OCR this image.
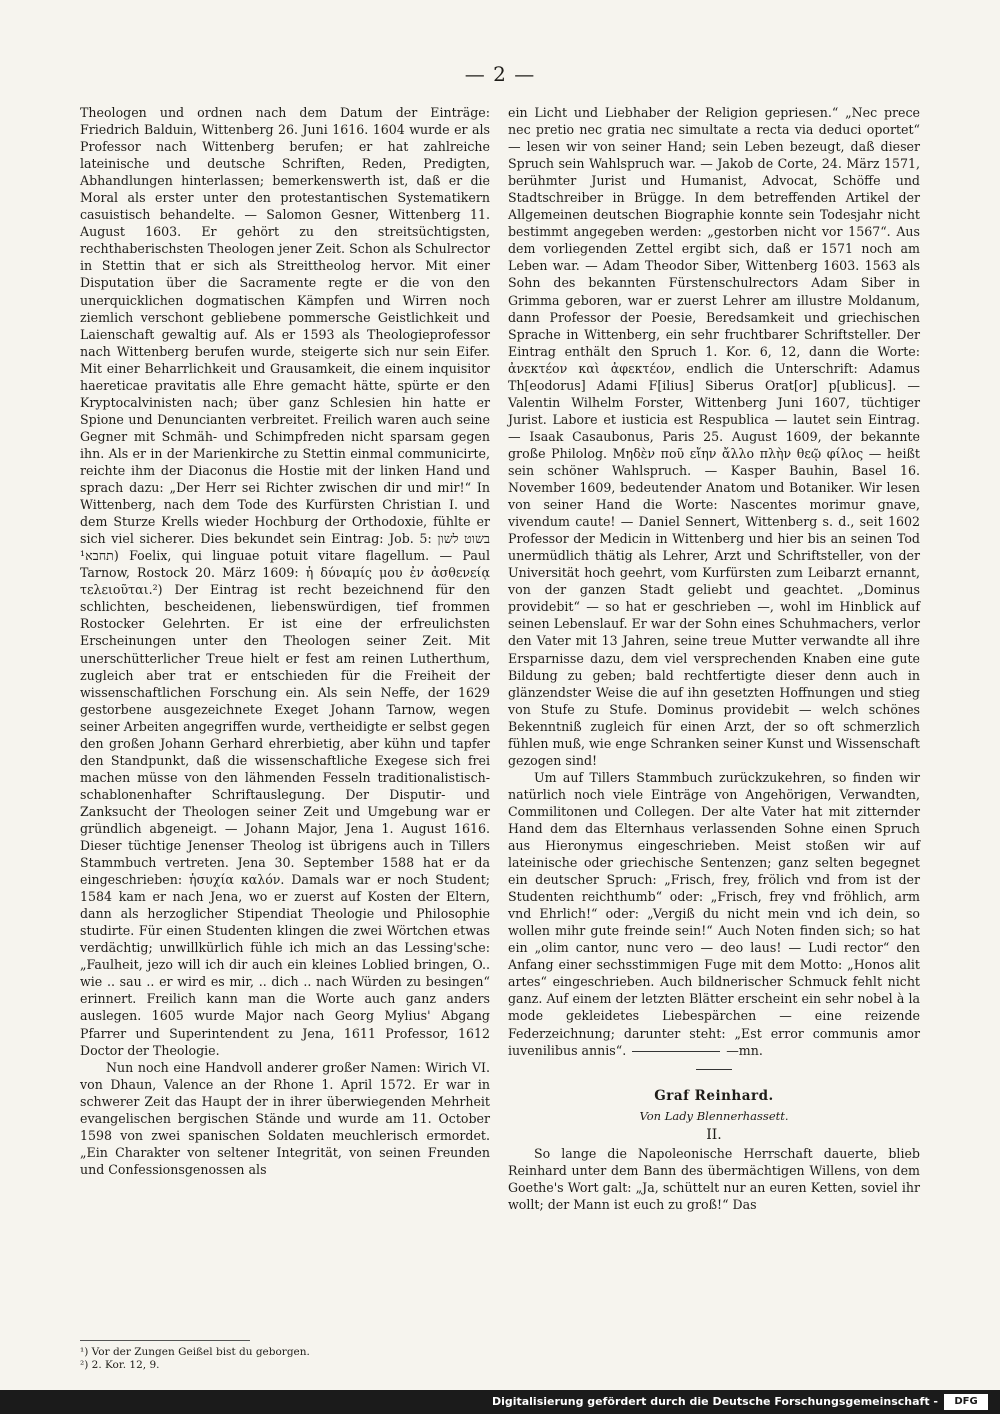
— 2 —

Theologen und ordnen nach dem Datum der Einträge: Friedrich Balduin, Wittenberg 26. Juni 1616. 1604 wurde er als Professor nach Wittenberg berufen; er hat zahlreiche lateinische und deutsche Schriften, Reden, Predigten, Abhandlungen hinterlassen; bemerkenswerth ist, daß er die Moral als erster unter den protestantischen Systematikern casuistisch behandelte. — Salomon Gesner, Wittenberg 11. August 1603. Er gehört zu den streitsüchtigsten, rechthaberischsten Theologen jener Zeit. Schon als Schulrector in Stettin that er sich als Streittheolog hervor. Mit einer Disputation über die Sacramente regte er die von den unerquicklichen dogmatischen Kämpfen und Wirren noch ziemlich verschont gebliebene pommersche Geistlichkeit und Laienschaft gewaltig auf. Als er 1593 als Theologieprofessor nach Wittenberg berufen wurde, steigerte sich nur sein Eifer. Mit einer Beharrlichkeit und Grausamkeit, die einem inquisitor haereticae pravitatis alle Ehre gemacht hätte, spürte er den Kryptocalvinisten nach; über ganz Schlesien hin hatte er Spione und Denuncianten verbreitet. Freilich waren auch seine Gegner mit Schmäh- und Schimpfreden nicht sparsam gegen ihn. Als er in der Marienkirche zu Stettin einmal communicirte, reichte ihm der Diaconus die Hostie mit der linken Hand und sprach dazu: „Der Herr sei Richter zwischen dir und mir!“ In Wittenberg, nach dem Tode des Kurfürsten Christian I. und dem Sturze Krells wieder Hochburg der Orthodoxie, fühlte er sich viel sicherer. Dies bekundet sein Eintrag: Job. 5: בשוט לשון תחבא¹) Foelix, qui linguae potuit vitare flagellum. — Paul Tarnow, Rostock 20. März 1609: ἡ δύναμίς μου ἐν ἀσθενείᾳ τελειοῦται.²) Der Eintrag ist recht bezeichnend für den schlichten, bescheidenen, liebenswürdigen, tief frommen Rostocker Gelehrten. Er ist eine der erfreulichsten Erscheinungen unter den Theologen seiner Zeit. Mit unerschütterlicher Treue hielt er fest am reinen Lutherthum, zugleich aber trat er entschieden für die Freiheit der wissenschaftlichen Forschung ein. Als sein Neffe, der 1629 gestorbene ausgezeichnete Exeget Johann Tarnow, wegen seiner Arbeiten angegriffen wurde, vertheidigte er selbst gegen den großen Johann Gerhard ehrerbietig, aber kühn und tapfer den Standpunkt, daß die wissenschaftliche Exegese sich frei machen müsse von den lähmenden Fesseln traditionalistisch-schablonenhafter Schriftauslegung. Der Disputir- und Zanksucht der Theologen seiner Zeit und Umgebung war er gründlich abgeneigt. — Johann Major, Jena 1. August 1616. Dieser tüchtige Jenenser Theolog ist übrigens auch in Tillers Stammbuch vertreten. Jena 30. September 1588 hat er da eingeschrieben: ἡσυχία καλόν. Damals war er noch Student; 1584 kam er nach Jena, wo er zuerst auf Kosten der Eltern, dann als herzoglicher Stipendiat Theologie und Philosophie studirte. Für einen Studenten klingen die zwei Wörtchen etwas verdächtig; unwillkürlich fühle ich mich an das Lessing'sche: „Faulheit, jezo will ich dir auch ein kleines Loblied bringen, O.. wie .. sau .. er wird es mir, .. dich .. nach Würden zu besingen“ erinnert. Freilich kann man die Worte auch ganz anders auslegen. 1605 wurde Major nach Georg Mylius' Abgang Pfarrer und Superintendent zu Jena, 1611 Professor, 1612 Doctor der Theologie.

Nun noch eine Handvoll anderer großer Namen: Wirich VI. von Dhaun, Valence an der Rhone 1. April 1572. Er war in schwerer Zeit das Haupt der in ihrer überwiegenden Mehrheit evangelischen bergischen Stände und wurde am 11. October 1598 von zwei spanischen Soldaten meuchlerisch ermordet. „Ein Charakter von seltener Integrität, von seinen Freunden und Confessionsgenossen als

¹) Vor der Zungen Geißel bist du geborgen.
²) 2. Kor. 12, 9.

ein Licht und Liebhaber der Religion gepriesen.“ „Nec prece nec pretio nec gratia nec simultate a recta via deduci oportet“ — lesen wir von seiner Hand; sein Leben bezeugt, daß dieser Spruch sein Wahlspruch war. — Jakob de Corte, 24. März 1571, berühmter Jurist und Humanist, Advocat, Schöffe und Stadtschreiber in Brügge. In dem betreffenden Artikel der Allgemeinen deutschen Biographie konnte sein Todesjahr nicht bestimmt angegeben werden: „gestorben nicht vor 1567“. Aus dem vorliegenden Zettel ergibt sich, daß er 1571 noch am Leben war. — Adam Theodor Siber, Wittenberg 1603. 1563 als Sohn des bekannten Fürstenschulrectors Adam Siber in Grimma geboren, war er zuerst Lehrer am illustre Moldanum, dann Professor der Poesie, Beredsamkeit und griechischen Sprache in Wittenberg, ein sehr fruchtbarer Schriftsteller. Der Eintrag enthält den Spruch 1. Kor. 6, 12, dann die Worte: ἀνεκτέον καὶ ἀφεκτέον, endlich die Unterschrift: Adamus Th[eodorus] Adami F[ilius] Siberus Orat[or] p[ublicus]. — Valentin Wilhelm Forster, Wittenberg Juni 1607, tüchtiger Jurist. Labore et iusticia est Respublica — lautet sein Eintrag. — Isaak Casaubonus, Paris 25. August 1609, der bekannte große Philolog. Μηδὲν ποῦ εἴην ἄλλο πλὴν θεῷ φίλος — heißt sein schöner Wahlspruch. — Kasper Bauhin, Basel 16. November 1609, bedeutender Anatom und Botaniker. Wir lesen von seiner Hand die Worte: Nascentes morimur gnave, vivendum caute! — Daniel Sennert, Wittenberg s. d., seit 1602 Professor der Medicin in Wittenberg und hier bis an seinen Tod unermüdlich thätig als Lehrer, Arzt und Schriftsteller, von der Universität hoch geehrt, vom Kurfürsten zum Leibarzt ernannt, von der ganzen Stadt geliebt und geachtet. „Dominus providebit“ — so hat er geschrieben —, wohl im Hinblick auf seinen Lebenslauf. Er war der Sohn eines Schuhmachers, verlor den Vater mit 13 Jahren, seine treue Mutter verwandte all ihre Ersparnisse dazu, dem viel versprechenden Knaben eine gute Bildung zu geben; bald rechtfertigte dieser denn auch in glänzendster Weise die auf ihn gesetzten Hoffnungen und stieg von Stufe zu Stufe. Dominus providebit — welch schönes Bekenntniß zugleich für einen Arzt, der so oft schmerzlich fühlen muß, wie enge Schranken seiner Kunst und Wissenschaft gezogen sind!

Um auf Tillers Stammbuch zurückzukehren, so finden wir natürlich noch viele Einträge von Angehörigen, Verwandten, Commilitonen und Collegen. Der alte Vater hat mit zitternder Hand dem das Elternhaus verlassenden Sohne einen Spruch aus Hieronymus eingeschrieben. Meist stoßen wir auf lateinische oder griechische Sentenzen; ganz selten begegnet ein deutscher Spruch: „Frisch, frey, frölich vnd from ist der Studenten reichthumb“ oder: „Frisch, frey vnd fröhlich, arm vnd Ehrlich!“ oder: „Vergiß du nicht mein vnd ich dein, so wollen mihr gute freinde sein!“ Auch Noten finden sich; so hat ein „olim cantor, nunc vero — deo laus! — Ludi rector“ den Anfang einer sechsstimmigen Fuge mit dem Motto: „Honos alit artes“ eingeschrieben. Auch bildnerischer Schmuck fehlt nicht ganz. Auf einem der letzten Blätter erscheint ein sehr nobel à la mode gekleidetes Liebespärchen — eine reizende Federzeichnung; darunter steht: „Est error communis amor iuvenilibus annis“.	—mn.

Graf Reinhard.
Von Lady Blennerhassett.
II.

So lange die Napoleonische Herrschaft dauerte, blieb Reinhard unter dem Bann des übermächtigen Willens, von dem Goethe's Wort galt: „Ja, schüttelt nur an euren Ketten, soviel ihr wollt; der Mann ist euch zu groß!“ Das

Digitalisierung gefördert durch die Deutsche Forschungsgemeinschaft -	DFG
